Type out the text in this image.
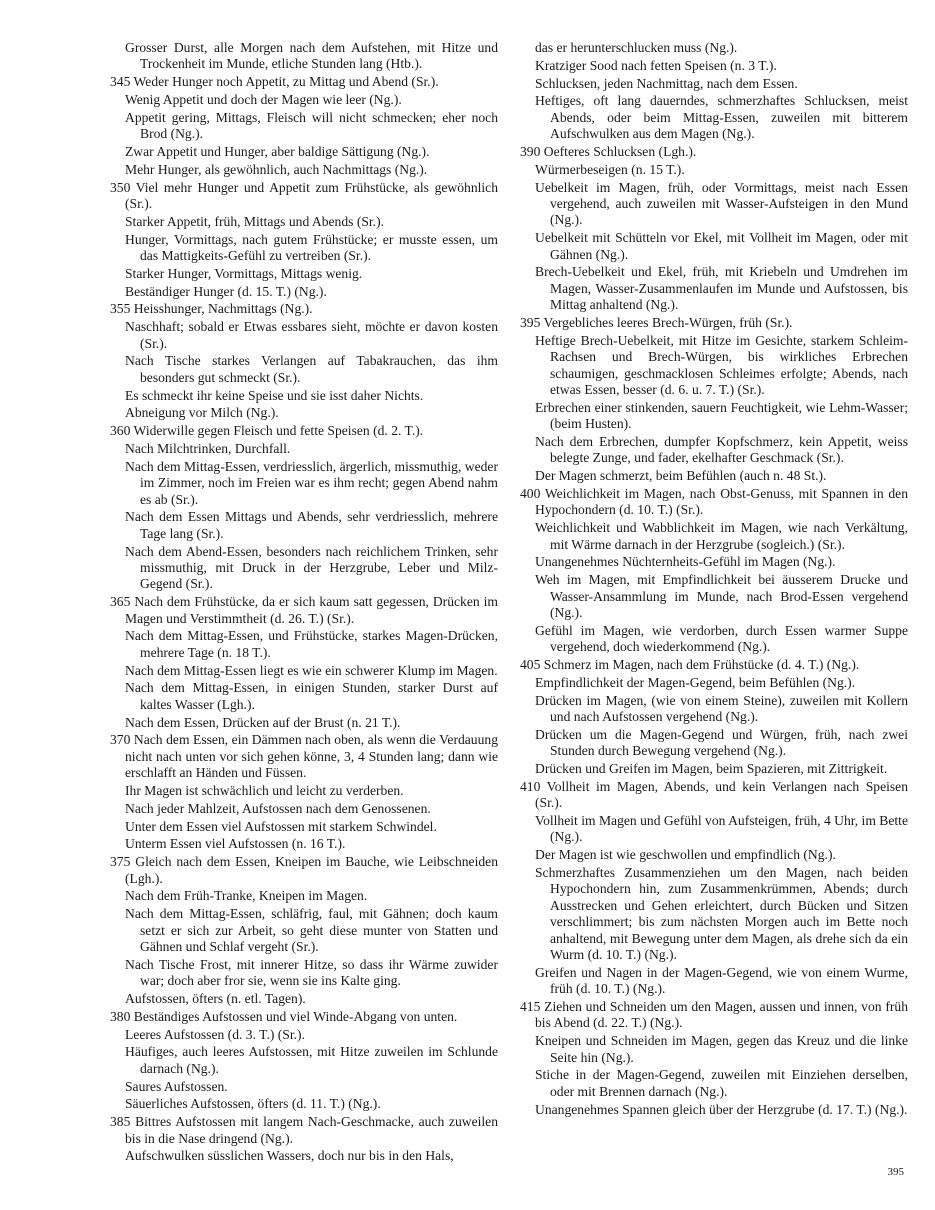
Grosser Durst, alle Morgen nach dem Aufstehen, mit Hitze und Trockenheit im Munde, etliche Stunden lang (Htb.).

345 Weder Hunger noch Appetit, zu Mittag und Abend (Sr.).

Wenig Appetit und doch der Magen wie leer (Ng.).

Appetit gering, Mittags, Fleisch will nicht schmecken; eher noch Brod (Ng.).

Zwar Appetit und Hunger, aber baldige Sättigung (Ng.).

Mehr Hunger, als gewöhnlich, auch Nachmittags (Ng.).

350 Viel mehr Hunger und Appetit zum Frühstücke, als gewöhnlich (Sr.).

Starker Appetit, früh, Mittags und Abends (Sr.).

Hunger, Vormittags, nach gutem Frühstücke; er musste essen, um das Mattigkeits-Gefühl zu vertreiben (Sr.).

Starker Hunger, Vormittags, Mittags wenig.

Beständiger Hunger (d. 15. T.) (Ng.).

355 Heisshunger, Nachmittags (Ng.).

Naschhaft; sobald er Etwas essbares sieht, möchte er davon kosten (Sr.).

Nach Tische starkes Verlangen auf Tabakrauchen, das ihm besonders gut schmeckt (Sr.).

Es schmeckt ihr keine Speise und sie isst daher Nichts.

Abneigung vor Milch (Ng.).

360 Widerwille gegen Fleisch und fette Speisen (d. 2. T.).

Nach Milchtrinken, Durchfall.

Nach dem Mittag-Essen, verdriesslich, ärgerlich, missmuthig, weder im Zimmer, noch im Freien war es ihm recht; gegen Abend nahm es ab (Sr.).

Nach dem Essen Mittags und Abends, sehr verdriesslich, mehrere Tage lang (Sr.).

Nach dem Abend-Essen, besonders nach reichlichem Trinken, sehr missmuthig, mit Druck in der Herzgrube, Leber und Milz-Gegend (Sr.).

365 Nach dem Frühstücke, da er sich kaum satt gegessen, Drücken im Magen und Verstimmtheit (d. 26. T.) (Sr.).

Nach dem Mittag-Essen, und Frühstücke, starkes Magen-Drücken, mehrere Tage (n. 18 T.).

Nach dem Mittag-Essen liegt es wie ein schwerer Klump im Magen.

Nach dem Mittag-Essen, in einigen Stunden, starker Durst auf kaltes Wasser (Lgh.).

Nach dem Essen, Drücken auf der Brust (n. 21 T.).

370 Nach dem Essen, ein Dämmen nach oben, als wenn die Verdauung nicht nach unten vor sich gehen könne, 3, 4 Stunden lang; dann wie erschlafft an Händen und Füssen.

Ihr Magen ist schwächlich und leicht zu verderben.

Nach jeder Mahlzeit, Aufstossen nach dem Genossenen.

Unter dem Essen viel Aufstossen mit starkem Schwindel.

Unterm Essen viel Aufstossen (n. 16 T.).

375 Gleich nach dem Essen, Kneipen im Bauche, wie Leibschneiden (Lgh.).

Nach dem Früh-Tranke, Kneipen im Magen.

Nach dem Mittag-Essen, schläfrig, faul, mit Gähnen; doch kaum setzt er sich zur Arbeit, so geht diese munter von Statten und Gähnen und Schlaf vergeht (Sr.).

Nach Tische Frost, mit innerer Hitze, so dass ihr Wärme zuwider war; doch aber fror sie, wenn sie ins Kalte ging.

Aufstossen, öfters (n. etl. Tagen).

380 Beständiges Aufstossen und viel Winde-Abgang von unten.

Leeres Aufstossen (d. 3. T.) (Sr.).

Häufiges, auch leeres Aufstossen, mit Hitze zuweilen im Schlunde darnach (Ng.).

Saures Aufstossen.

Säuerliches Aufstossen, öfters (d. 11. T.) (Ng.).

385 Bittres Aufstossen mit langem Nach-Geschmacke, auch zuweilen bis in die Nase dringend (Ng.).

Aufschwulken süsslichen Wassers, doch nur bis in den Hals,

das er herunterschlucken muss (Ng.).

Kratziger Sood nach fetten Speisen (n. 3 T.).

Schlucksen, jeden Nachmittag, nach dem Essen.

Heftiges, oft lang dauerndes, schmerzhaftes Schlucksen, meist Abends, oder beim Mittag-Essen, zuweilen mit bitterem Aufschwulken aus dem Magen (Ng.).

390 Oefteres Schlucksen (Lgh.).

Würmerbeseigen (n. 15 T.).

Uebelkeit im Magen, früh, oder Vormittags, meist nach Essen vergehend, auch zuweilen mit Wasser-Aufsteigen in den Mund (Ng.).

Uebelkeit mit Schütteln vor Ekel, mit Vollheit im Magen, oder mit Gähnen (Ng.).

Brech-Uebelkeit und Ekel, früh, mit Kriebeln und Umdrehen im Magen, Wasser-Zusammenlaufen im Munde und Aufstossen, bis Mittag anhaltend (Ng.).

395 Vergebliches leeres Brech-Würgen, früh (Sr.).

Heftige Brech-Uebelkeit, mit Hitze im Gesichte, starkem Schleim-Rachsen und Brech-Würgen, bis wirkliches Erbrechen schaumigen, geschmacklosen Schleimes erfolgte; Abends, nach etwas Essen, besser (d. 6. u. 7. T.) (Sr.).

Erbrechen einer stinkenden, sauern Feuchtigkeit, wie Lehm-Wasser; (beim Husten).

Nach dem Erbrechen, dumpfer Kopfschmerz, kein Appetit, weiss belegte Zunge, und fader, ekelhafter Geschmack (Sr.).

Der Magen schmerzt, beim Befühlen (auch n. 48 St.).

400 Weichlichkeit im Magen, nach Obst-Genuss, mit Spannen in den Hypochondern (d. 10. T.) (Sr.).

Weichlichkeit und Wabblichkeit im Magen, wie nach Verkältung, mit Wärme darnach in der Herzgrube (sogleich.) (Sr.).

Unangenehmes Nüchternheits-Gefühl im Magen (Ng.).

Weh im Magen, mit Empfindlichkeit bei äusserem Drucke und Wasser-Ansammlung im Munde, nach Brod-Essen vergehend (Ng.).

Gefühl im Magen, wie verdorben, durch Essen warmer Suppe vergehend, doch wiederkommend (Ng.).

405 Schmerz im Magen, nach dem Frühstücke (d. 4. T.) (Ng.).

Empfindlichkeit der Magen-Gegend, beim Befühlen (Ng.).

Drücken im Magen, (wie von einem Steine), zuweilen mit Kollern und nach Aufstossen vergehend (Ng.).

Drücken um die Magen-Gegend und Würgen, früh, nach zwei Stunden durch Bewegung vergehend (Ng.).

Drücken und Greifen im Magen, beim Spazieren, mit Zittrigkeit.

410 Vollheit im Magen, Abends, und kein Verlangen nach Speisen (Sr.).

Vollheit im Magen und Gefühl von Aufsteigen, früh, 4 Uhr, im Bette (Ng.).

Der Magen ist wie geschwollen und empfindlich (Ng.).

Schmerzhaftes Zusammenziehen um den Magen, nach beiden Hypochondern hin, zum Zusammenkrümmen, Abends; durch Ausstrecken und Gehen erleichtert, durch Bücken und Sitzen verschlimmert; bis zum nächsten Morgen auch im Bette noch anhaltend, mit Bewegung unter dem Magen, als drehe sich da ein Wurm (d. 10. T.) (Ng.).

Greifen und Nagen in der Magen-Gegend, wie von einem Wurme, früh (d. 10. T.) (Ng.).

415 Ziehen und Schneiden um den Magen, aussen und innen, von früh bis Abend (d. 22. T.) (Ng.).

Kneipen und Schneiden im Magen, gegen das Kreuz und die linke Seite hin (Ng.).

Stiche in der Magen-Gegend, zuweilen mit Einziehen derselben, oder mit Brennen darnach (Ng.).

Unangenehmes Spannen gleich über der Herzgrube (d. 17. T.) (Ng.).

395
